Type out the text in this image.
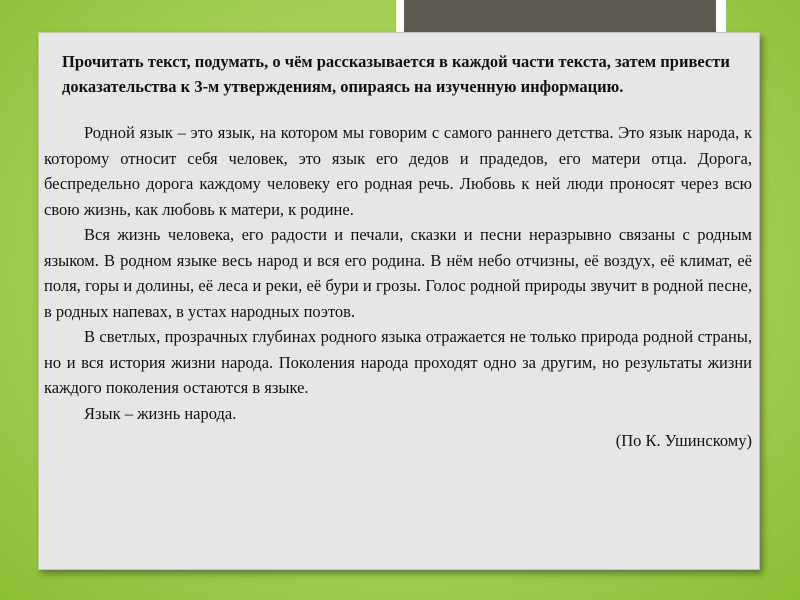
Прочитать текст, подумать, о чём рассказывается в каждой части текста, затем привести доказательства к 3-м утверждениям, опираясь на изученную информацию.

Родной язык – это язык, на котором мы говорим с самого раннего детства. Это язык народа, к которому относит себя человек, это язык его дедов и прадедов, его матери отца. Дорога, беспредельно дорога каждому человеку его родная речь. Любовь к ней люди проносят через всю свою жизнь, как любовь к матери, к родине.

Вся жизнь человека, его радости и печали, сказки и песни неразрывно связаны с родным языком. В родном языке весь народ и вся его родина. В нём небо отчизны, её воздух, её климат, её поля, горы и долины, её леса и реки, её бури и грозы. Голос родной природы звучит в родной песне, в родных напевах, в устах народных поэтов.

В светлых, прозрачных глубинах родного языка отражается не только природа родной страны, но и вся история жизни народа. Поколения народа проходят одно за другим, но результаты жизни каждого поколения остаются в языке.

Язык – жизнь народа.

(По К. Ушинскому)
